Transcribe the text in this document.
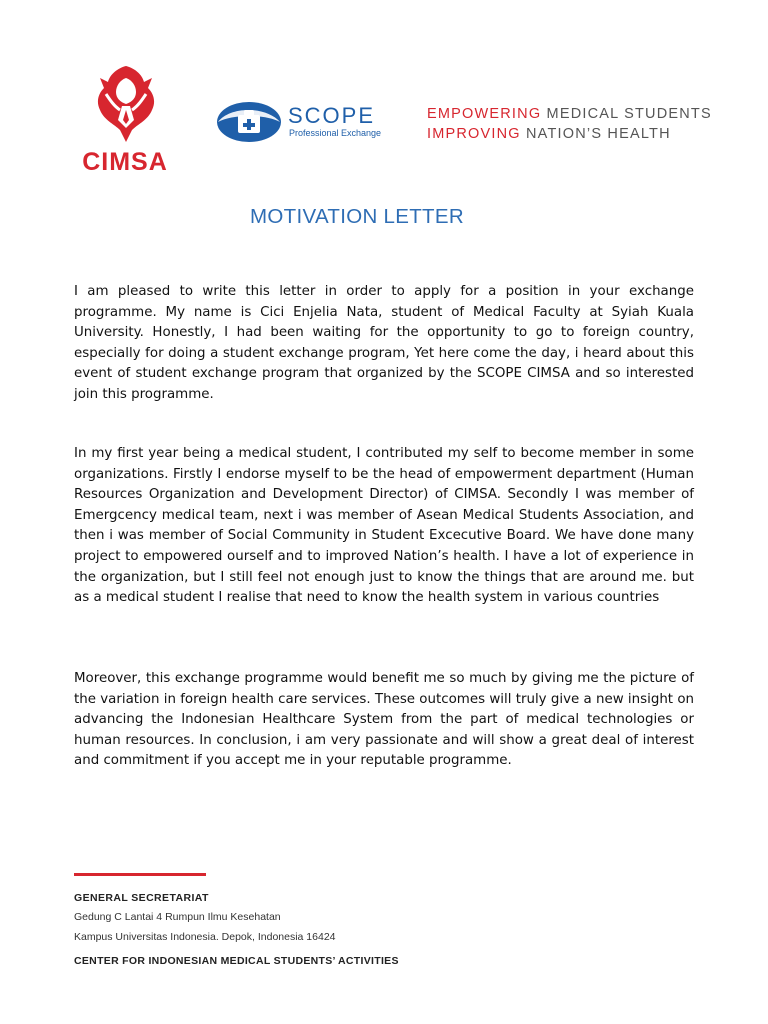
CIMSA
SCOPE
Professional Exchange
EMPOWERING MEDICAL STUDENTS
IMPROVING NATION’S HEALTH
MOTIVATION LETTER
I am pleased to write this letter in order to apply for a position in your exchange programme. My name is Cici Enjelia Nata, student of Medical Faculty at Syiah Kuala University. Honestly, I had been waiting for the opportunity to go to foreign country, especially for doing a student exchange program, Yet here come the day, i heard about this event of student exchange program that organized by the SCOPE CIMSA and so interested join this programme.
In my first year being a medical student, I contributed my self to become member in some organizations. Firstly I endorse myself to be the head of empowerment department (Human Resources Organization and Development Director) of CIMSA. Secondly I was member of Emergcency medical team, next i was member of Asean Medical Students Association, and then i was member of Social Community in Student Excecutive Board. We have done many project to empowered ourself and to improved Nation’s health. I have a lot of experience in the organization, but I still feel not enough just to know the things that are around me. but as a medical student I realise that need to know the health system in various countries
Moreover, this exchange programme would benefit me so much by giving me the picture of the variation in foreign health care services. These outcomes will truly give a new insight on advancing the Indonesian Healthcare System from the part of medical technologies or human resources. In conclusion, i am very passionate and will show a great deal of interest and commitment if you accept me in your reputable programme.
GENERAL SECRETARIAT
Gedung C Lantai 4 Rumpun Ilmu Kesehatan
Kampus Universitas Indonesia. Depok, Indonesia 16424
CENTER FOR INDONESIAN MEDICAL STUDENTS’ ACTIVITIES
